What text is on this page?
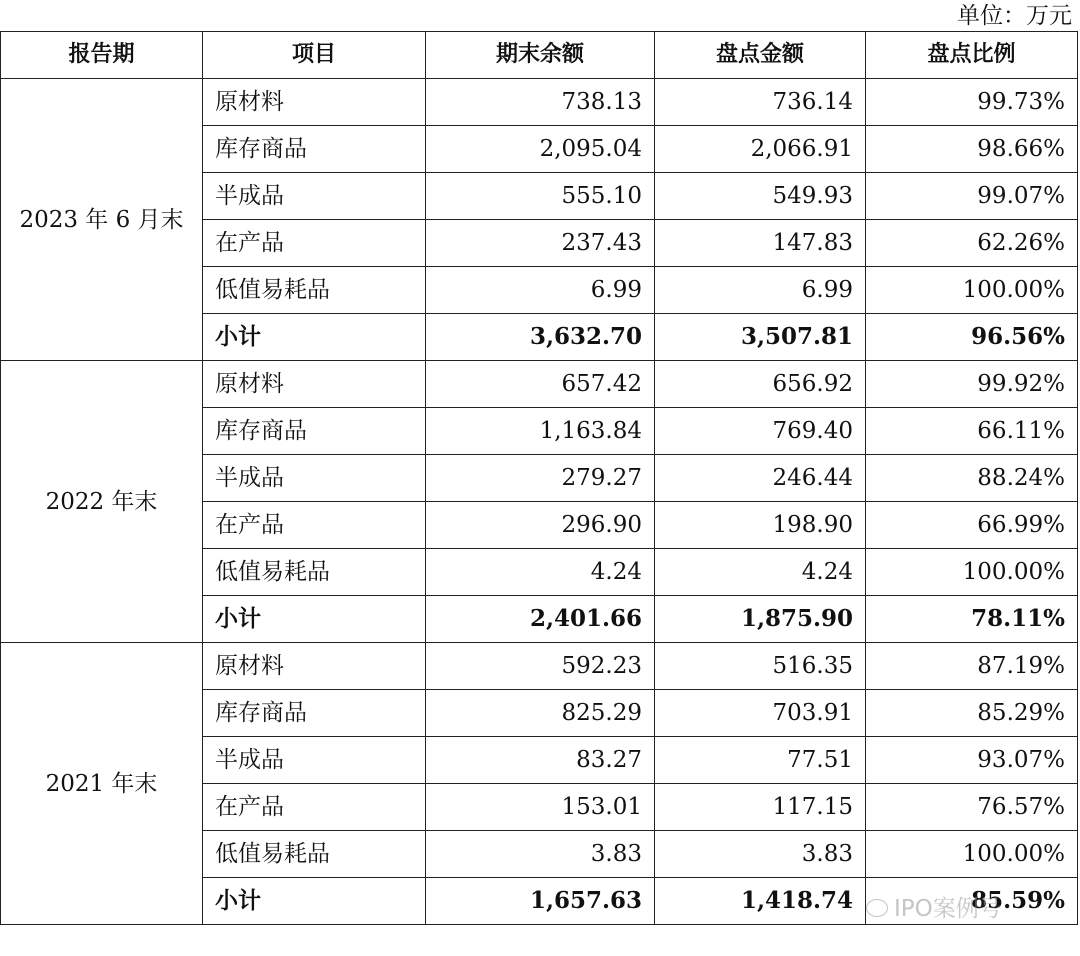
单位：万元
报告期	项目	期末余额	盘点金额	盘点比例
2023 年 6 月末	原材料	738.13	736.14	99.73%
	库存商品	2,095.04	2,066.91	98.66%
	半成品	555.10	549.93	99.07%
	在产品	237.43	147.83	62.26%
	低值易耗品	6.99	6.99	100.00%
	小计	3,632.70	3,507.81	96.56%
2022 年末	原材料	657.42	656.92	99.92%
	库存商品	1,163.84	769.40	66.11%
	半成品	279.27	246.44	88.24%
	在产品	296.90	198.90	66.99%
	低值易耗品	4.24	4.24	100.00%
	小计	2,401.66	1,875.90	78.11%
2021 年末	原材料	592.23	516.35	87.19%
	库存商品	825.29	703.91	85.29%
	半成品	83.27	77.51	93.07%
	在产品	153.01	117.15	76.57%
	低值易耗品	3.83	3.83	100.00%
	小计	1,657.63	1,418.74	85.59%
IPO案例号
